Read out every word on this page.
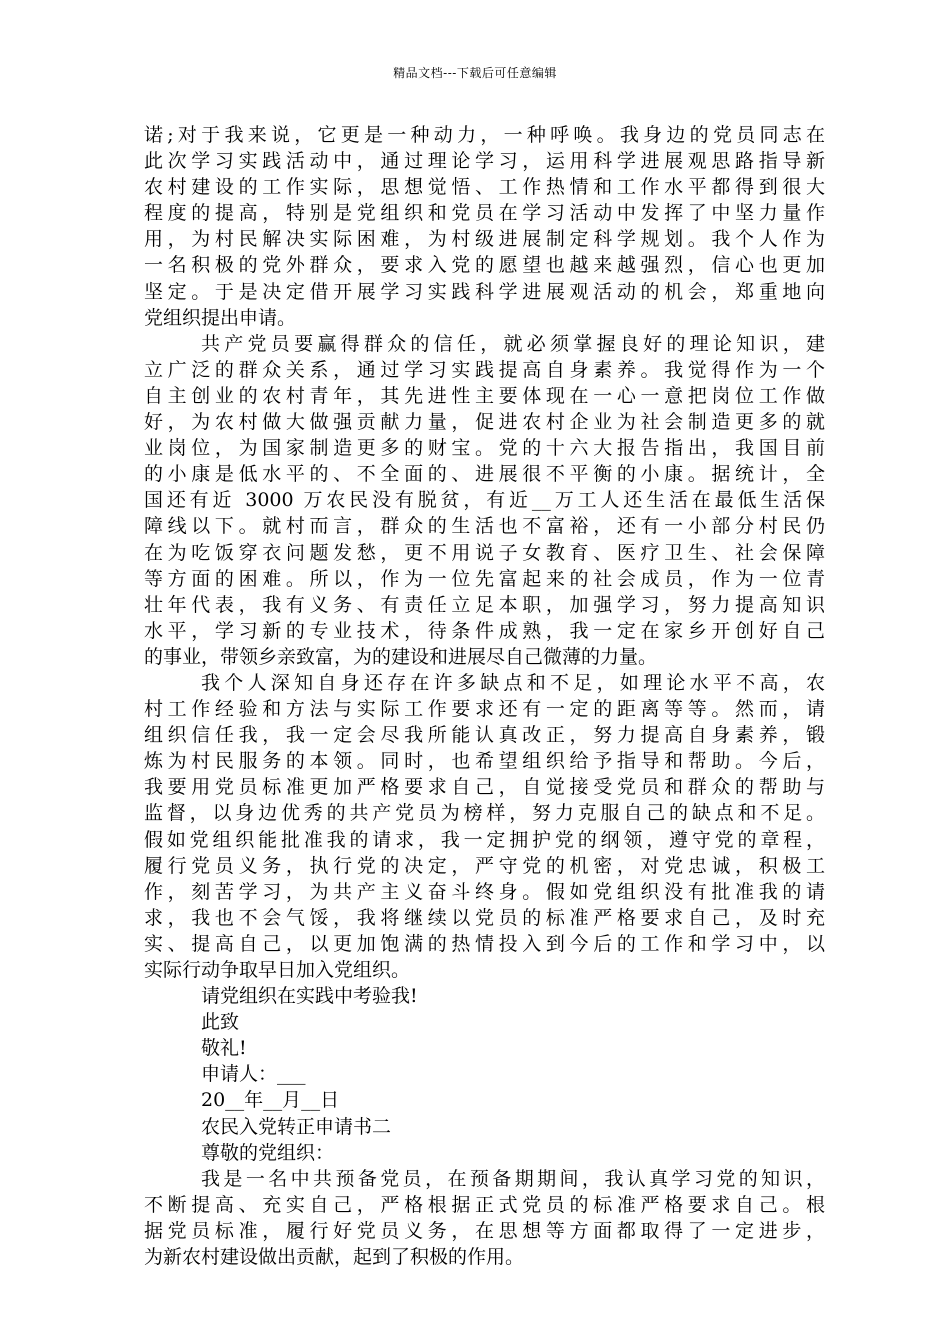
精品文档---下载后可任意编辑
诺;对于我来说，它更是一种动力，一种呼唤。我身边的党员同志在
此次学习实践活动中，通过理论学习，运用科学进展观思路指导新
农村建设的工作实际，思想觉悟、工作热情和工作水平都得到很大
程度的提高，特别是党组织和党员在学习活动中发挥了中坚力量作
用，为村民解决实际困难，为村级进展制定科学规划。我个人作为
一名积极的党外群众，要求入党的愿望也越来越强烈，信心也更加
坚定。于是决定借开展学习实践科学进展观活动的机会，郑重地向
党组织提出申请。
共产党员要赢得群众的信任，就必须掌握良好的理论知识，建
立广泛的群众关系，通过学习实践提高自身素养。我觉得作为一个
自主创业的农村青年，其先进性主要体现在一心一意把岗位工作做
好，为农村做大做强贡献力量，促进农村企业为社会制造更多的就
业岗位，为国家制造更多的财宝。党的十六大报告指出，我国目前
的小康是低水平的、不全面的、进展很不平衡的小康。据统计，全
国还有近 3000 万农民没有脱贫，有近__万工人还生活在最低生活保
障线以下。就村而言，群众的生活也不富裕，还有一小部分村民仍
在为吃饭穿衣问题发愁，更不用说子女教育、医疗卫生、社会保障
等方面的困难。所以，作为一位先富起来的社会成员，作为一位青
壮年代表，我有义务、有责任立足本职，加强学习，努力提高知识
水平，学习新的专业技术，待条件成熟，我一定在家乡开创好自己
的事业，带领乡亲致富，为的建设和进展尽自己微薄的力量。
我个人深知自身还存在许多缺点和不足，如理论水平不高，农
村工作经验和方法与实际工作要求还有一定的距离等等。然而，请
组织信任我，我一定会尽我所能认真改正，努力提高自身素养，锻
炼为村民服务的本领。同时，也希望组织给予指导和帮助。今后，
我要用党员标准更加严格要求自己，自觉接受党员和群众的帮助与
监督，以身边优秀的共产党员为榜样，努力克服自己的缺点和不足。
假如党组织能批准我的请求，我一定拥护党的纲领，遵守党的章程，
履行党员义务，执行党的决定，严守党的机密，对党忠诚，积极工
作，刻苦学习，为共产主义奋斗终身。假如党组织没有批准我的请
求，我也不会气馁，我将继续以党员的标准严格要求自己，及时充
实、提高自己，以更加饱满的热情投入到今后的工作和学习中，以
实际行动争取早日加入党组织。
请党组织在实践中考验我!
此致
敬礼!
申请人：___
20__年__月__日
农民入党转正申请书二
尊敬的党组织：
我是一名中共预备党员，在预备期期间，我认真学习党的知识，
不断提高、充实自己，严格根据正式党员的标准严格要求自己。根
据党员标准，履行好党员义务，在思想等方面都取得了一定进步，
为新农村建设做出贡献，起到了积极的作用。
